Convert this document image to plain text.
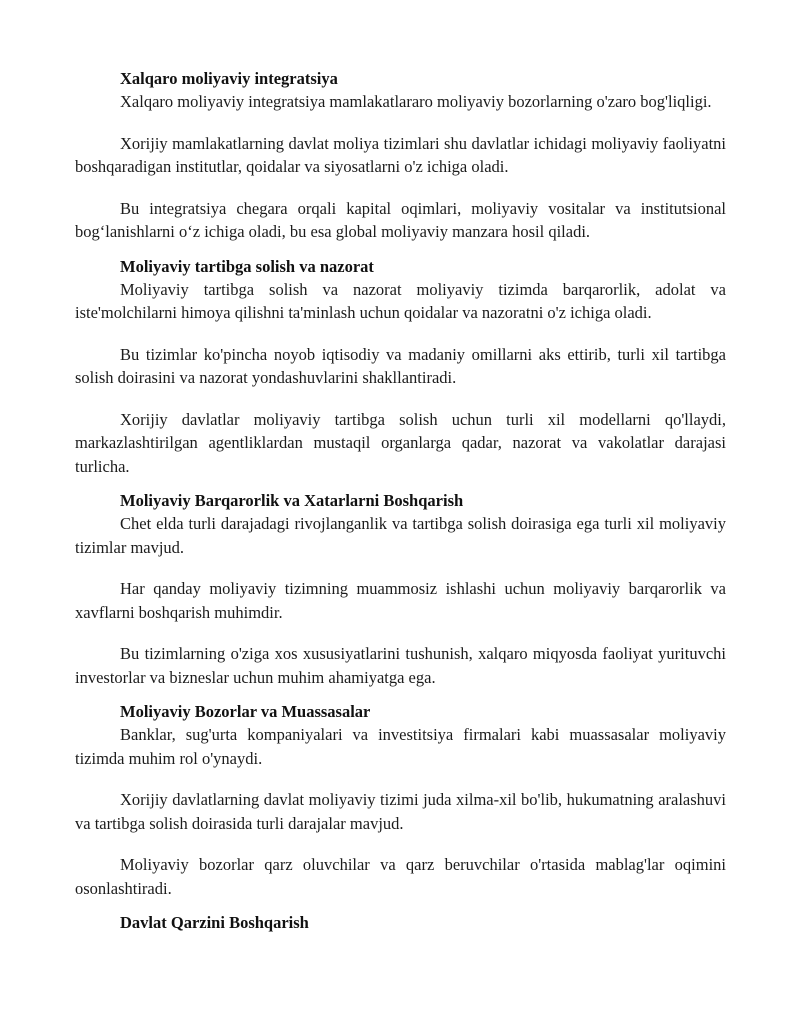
Xalqaro moliyaviy integratsiya

Xalqaro moliyaviy integratsiya mamlakatlararo moliyaviy bozorlarning o'zaro bog'liqligi.

Xorijiy mamlakatlarning davlat moliya tizimlari shu davlatlar ichidagi moliyaviy faoliyatni boshqaradigan institutlar, qoidalar va siyosatlarni o'z ichiga oladi.

Bu integratsiya chegara orqali kapital oqimlari, moliyaviy vositalar va institutsional bog‘lanishlarni o‘z ichiga oladi, bu esa global moliyaviy manzara hosil qiladi.

Moliyaviy tartibga solish va nazorat

Moliyaviy tartibga solish va nazorat moliyaviy tizimda barqarorlik, adolat va iste'molchilarni himoya qilishni ta'minlash uchun qoidalar va nazoratni o'z ichiga oladi.

Bu tizimlar ko'pincha noyob iqtisodiy va madaniy omillarni aks ettirib, turli xil tartibga solish doirasini va nazorat yondashuvlarini shakllantiradi.

Xorijiy davlatlar moliyaviy tartibga solish uchun turli xil modellarni qo'llaydi, markazlashtirilgan agentliklardan mustaqil organlarga qadar, nazorat va vakolatlar darajasi turlicha.

Moliyaviy Barqarorlik va Xatarlarni Boshqarish

Chet elda turli darajadagi rivojlanganlik va tartibga solish doirasiga ega turli xil moliyaviy tizimlar mavjud.

Har qanday moliyaviy tizimning muammosiz ishlashi uchun moliyaviy barqarorlik va xavflarni boshqarish muhimdir.

Bu tizimlarning o'ziga xos xususiyatlarini tushunish, xalqaro miqyosda faoliyat yurituvchi investorlar va bizneslar uchun muhim ahamiyatga ega.

Moliyaviy Bozorlar va Muassasalar

Banklar, sug'urta kompaniyalari va investitsiya firmalari kabi muassasalar moliyaviy tizimda muhim rol o'ynaydi.

Xorijiy davlatlarning davlat moliyaviy tizimi juda xilma-xil bo'lib, hukumatning aralashuvi va tartibga solish doirasida turli darajalar mavjud.

Moliyaviy bozorlar qarz oluvchilar va qarz beruvchilar o'rtasida mablag'lar oqimini osonlashtiradi.

Davlat Qarzini Boshqarish
